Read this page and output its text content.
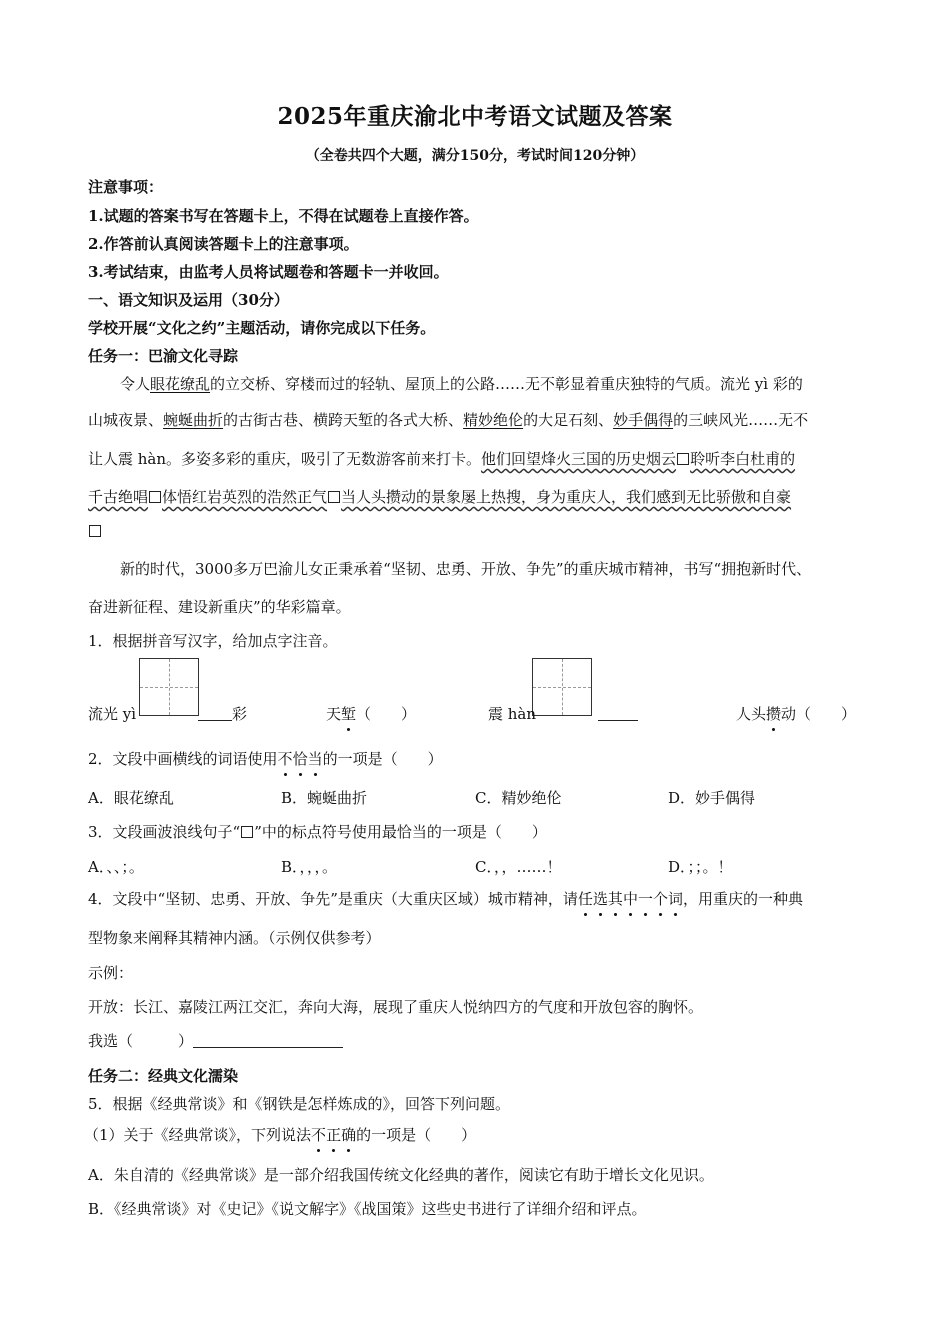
2025年重庆渝北中考语文试题及答案
（全卷共四个大题，满分150分，考试时间120分钟）
注意事项：
1.试题的答案书写在答题卡上，不得在试题卷上直接作答。
2.作答前认真阅读答题卡上的注意事项。
3.考试结束，由监考人员将试题卷和答题卡一并收回。
一、语文知识及运用（30分）
学校开展“文化之约”主题活动，请你完成以下任务。
任务一：巴渝文化寻踪
令人眼花缭乱的立交桥、穿楼而过的轻轨、屋顶上的公路……无不彰显着重庆独特的气质。流光 yì 彩的
山城夜景、蜿蜒曲折的古街古巷、横跨天堑的各式大桥、精妙绝伦的大足石刻、妙手偶得的三峡风光……无不
让人震 hàn。多姿多彩的重庆，吸引了无数游客前来打卡。他们回望烽火三国的历史烟云 聆听李白杜甫的
千古绝唱 体悟红岩英烈的浩然正气 当人头攒动的景象屡上热搜，身为重庆人，我们感到无比骄傲和自豪
新的时代，3000多万巴渝儿女正秉承着“坚韧、忠勇、开放、争先”的重庆城市精神，书写“拥抱新时代、
奋进新征程、建设新重庆”的华彩篇章。
1．根据拼音写汉字，给加点字注音。
流光 yì	彩	天堑（　　）	震 hàn	人头攒动（　　）
2．文段中画横线的词语使用不恰当的一项是（　　）
A．眼花缭乱	B．蜿蜒曲折	C．精妙绝伦	D．妙手偶得
3．文段画波浪线句子“ ”中的标点符号使用最恰当的一项是（　　）
A．、、；。	B．，，，。	C．，，……！	D．；；。！
4．文段中“坚韧、忠勇、开放、争先”是重庆（大重庆区域）城市精神，请任选其中一个词，用重庆的一种典
型物象来阐释其精神内涵。（示例仅供参考）
示例：
开放：长江、嘉陵江两江交汇，奔向大海，展现了重庆人悦纳四方的气度和开放包容的胸怀。
我选（　　　）
任务二：经典文化濡染
5．根据《经典常谈》和《钢铁是怎样炼成的》，回答下列问题。
（1）关于《经典常谈》，下列说法不正确的一项是（　　）
A．朱自清的《经典常谈》是一部介绍我国传统文化经典的著作，阅读它有助于增长文化见识。
B．《经典常谈》对《史记》《说文解字》《战国策》这些史书进行了详细介绍和评点。
